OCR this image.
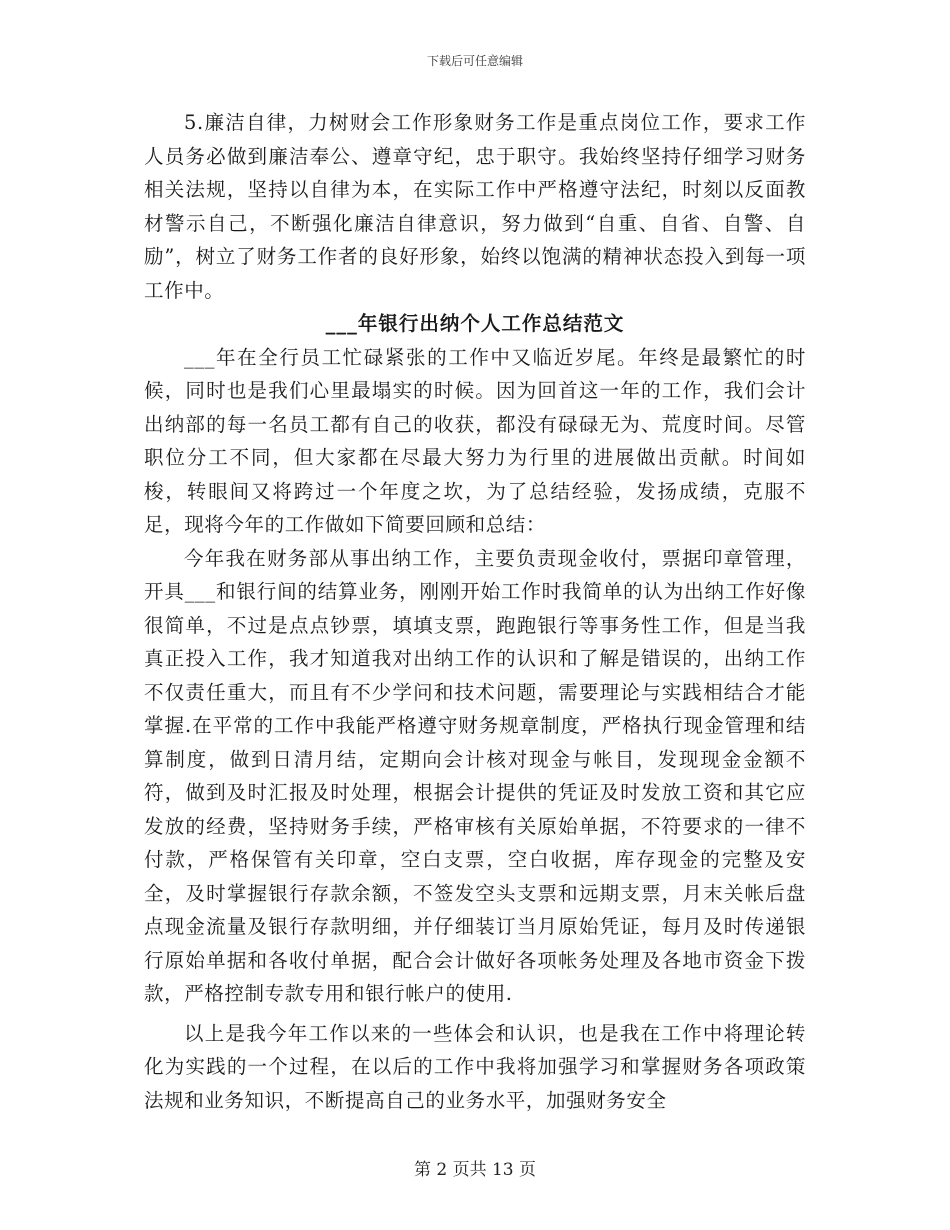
下载后可任意编辑

5.廉洁自律，力树财会工作形象财务工作是重点岗位工作，要求工作人员务必做到廉洁奉公、遵章守纪，忠于职守。我始终坚持仔细学习财务相关法规，坚持以自律为本，在实际工作中严格遵守法纪，时刻以反面教材警示自己，不断强化廉洁自律意识，努力做到“自重、自省、自警、自励”，树立了财务工作者的良好形象，始终以饱满的精神状态投入到每一项工作中。

___年银行出纳个人工作总结范文

___年在全行员工忙碌紧张的工作中又临近岁尾。年终是最繁忙的时候，同时也是我们心里最塌实的时候。因为回首这一年的工作，我们会计出纳部的每一名员工都有自己的收获，都没有碌碌无为、荒度时间。尽管职位分工不同，但大家都在尽最大努力为行里的进展做出贡献。时间如梭，转眼间又将跨过一个年度之坎，为了总结经验，发扬成绩，克服不足，现将今年的工作做如下简要回顾和总结：

今年我在财务部从事出纳工作，主要负责现金收付，票据印章管理，开具___和银行间的结算业务，刚刚开始工作时我简单的认为出纳工作好像很简单，不过是点点钞票，填填支票，跑跑银行等事务性工作，但是当我真正投入工作，我才知道我对出纳工作的认识和了解是错误的，出纳工作不仅责任重大，而且有不少学问和技术问题，需要理论与实践相结合才能掌握.在平常的工作中我能严格遵守财务规章制度，严格执行现金管理和结算制度，做到日清月结，定期向会计核对现金与帐目，发现现金金额不符，做到及时汇报及时处理，根据会计提供的凭证及时发放工资和其它应发放的经费，坚持财务手续，严格审核有关原始单据，不符要求的一律不付款，严格保管有关印章，空白支票，空白收据，库存现金的完整及安全，及时掌握银行存款余额，不签发空头支票和远期支票，月末关帐后盘点现金流量及银行存款明细，并仔细装订当月原始凭证，每月及时传递银行原始单据和各收付单据，配合会计做好各项帐务处理及各地市资金下拨款，严格控制专款专用和银行帐户的使用.

以上是我今年工作以来的一些体会和认识，也是我在工作中将理论转化为实践的一个过程，在以后的工作中我将加强学习和掌握财务各项政策法规和业务知识，不断提高自己的业务水平，加强财务安全

第 2 页共 13 页
